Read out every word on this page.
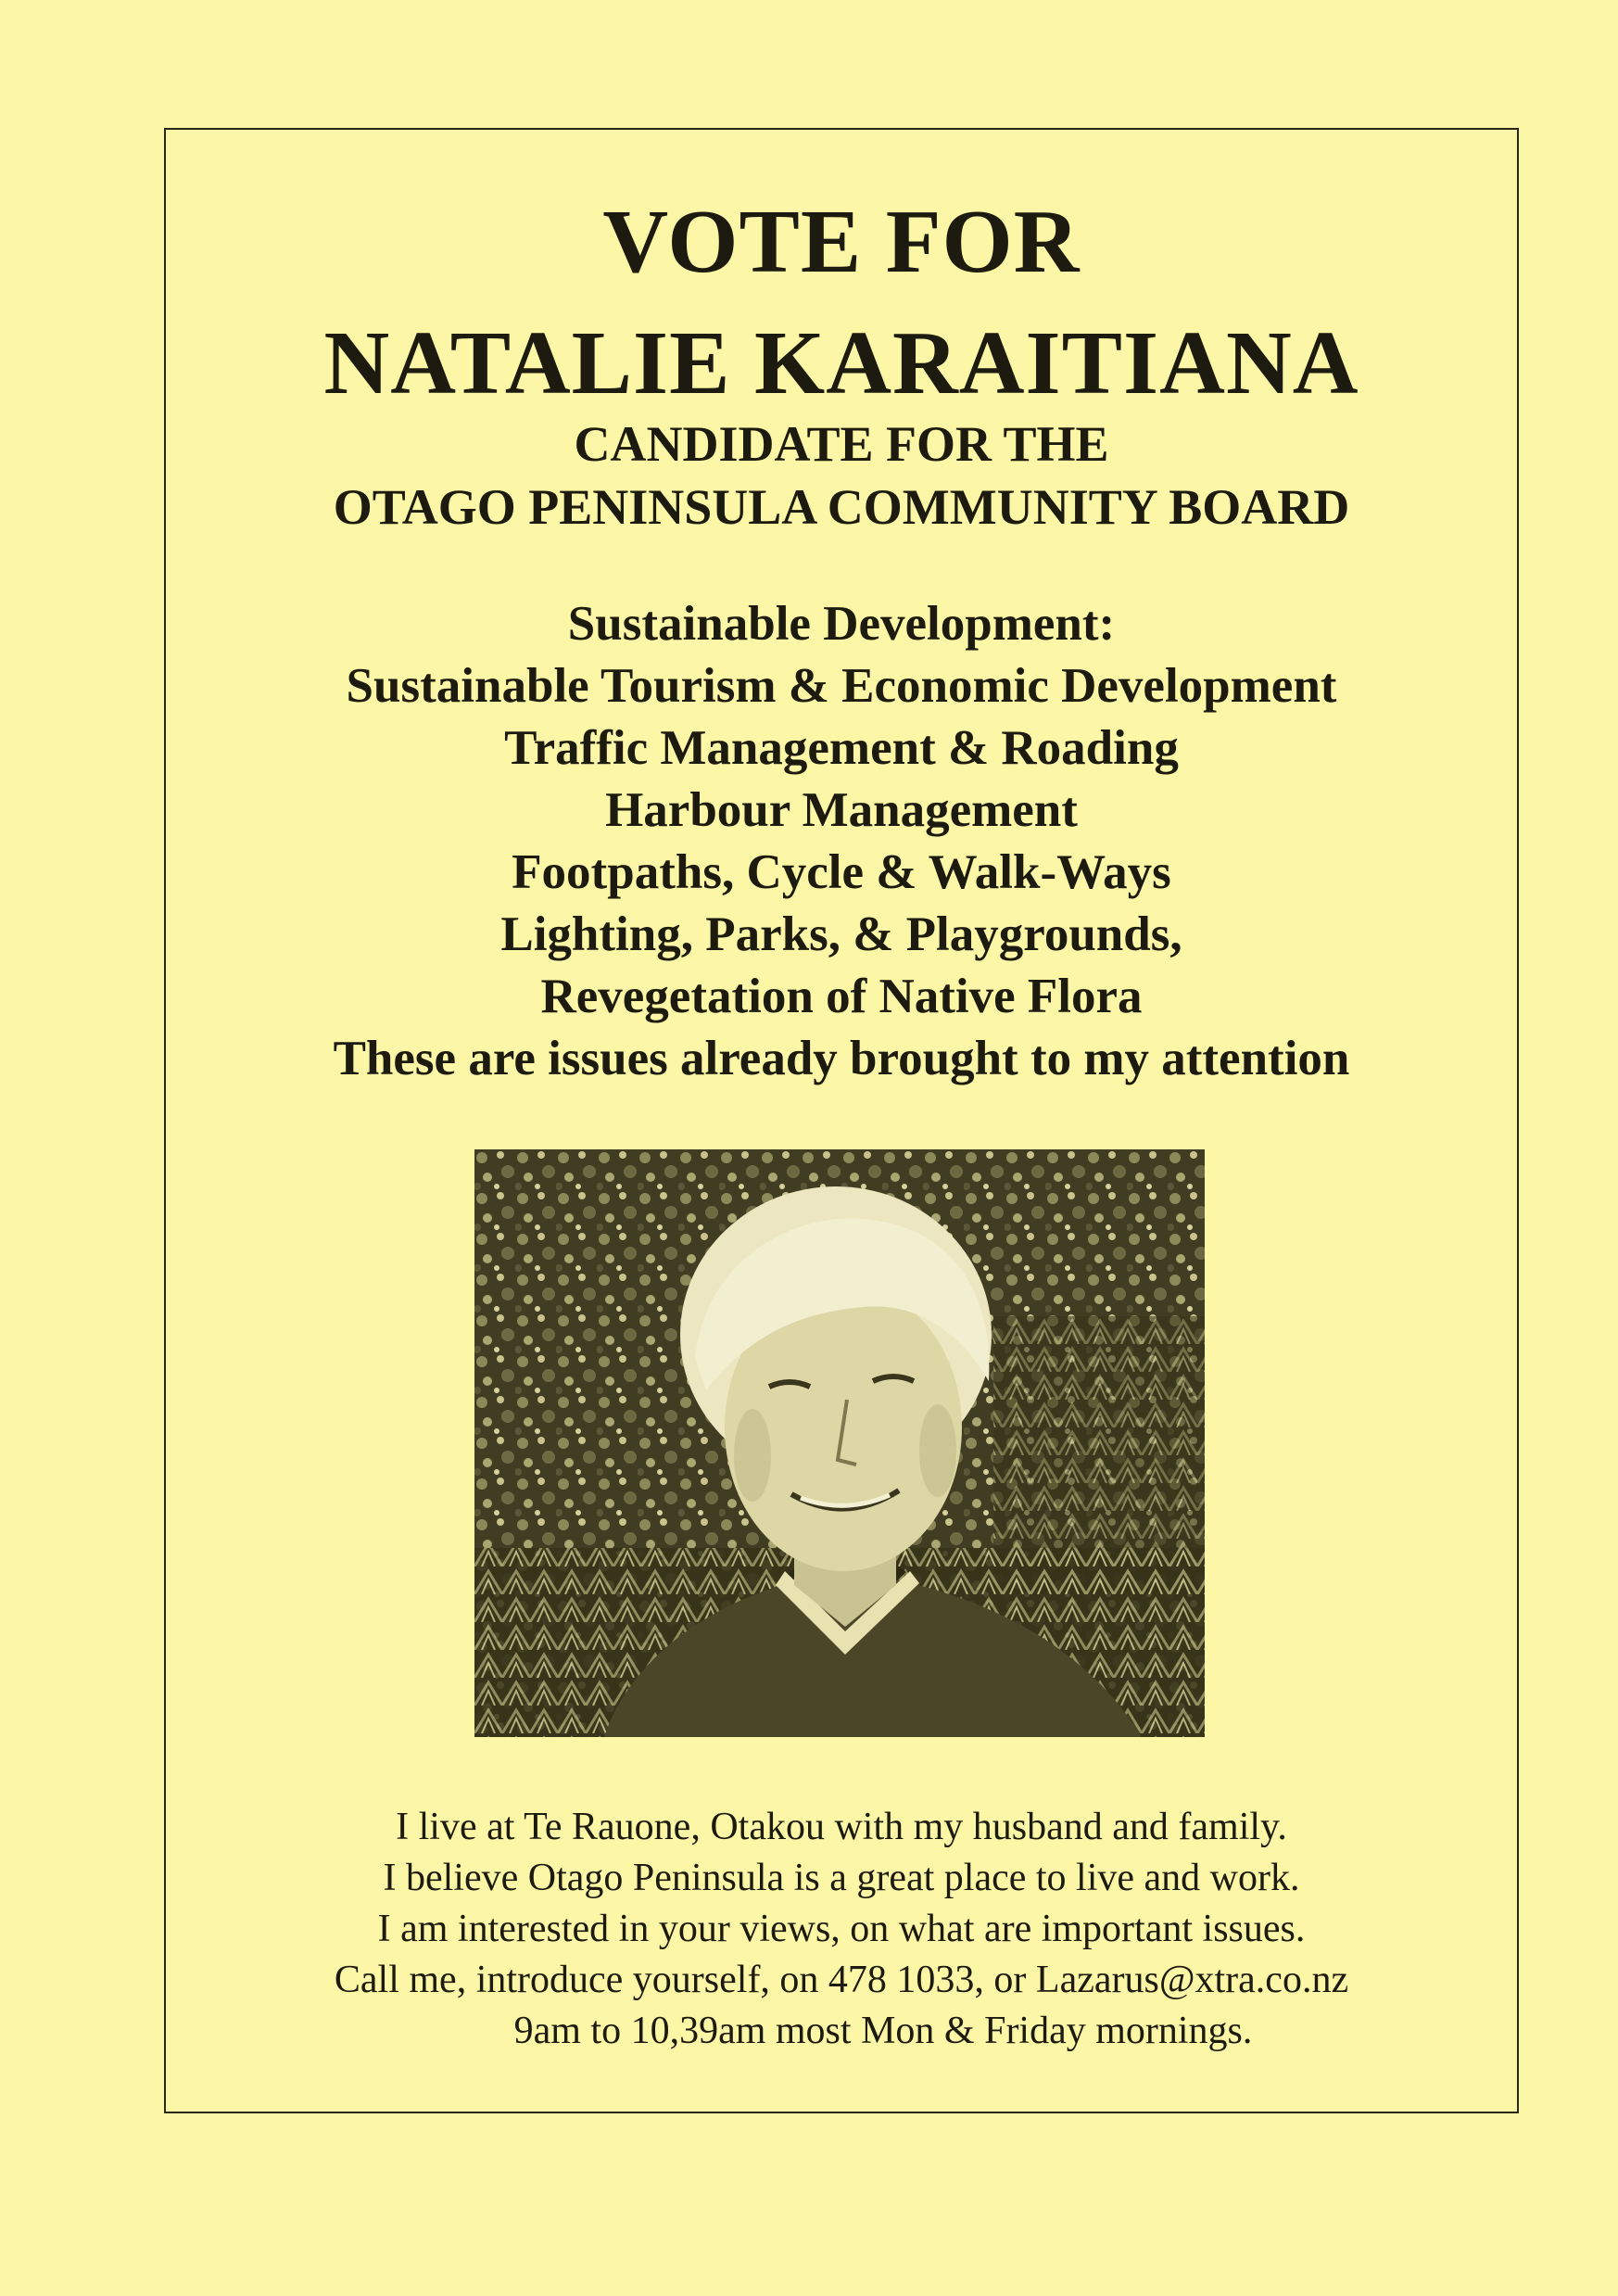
VOTE FOR
NATALIE KARAITIANA
CANDIDATE FOR THE
OTAGO PENINSULA COMMUNITY BOARD
Sustainable Development:
Sustainable Tourism & Economic Development
Traffic Management & Roading
Harbour Management
Footpaths, Cycle & Walk-Ways
Lighting, Parks, & Playgrounds,
Revegetation of Native Flora
These are issues already brought to my attention
I live at Te Rauone, Otakou with my husband and family.
I believe Otago Peninsula is a great place to live and work.
I am interested in your views, on what are important issues.
Call me, introduce yourself, on 478 1033, or Lazarus@xtra.co.nz
9am to 10,39am most Mon & Friday mornings.
